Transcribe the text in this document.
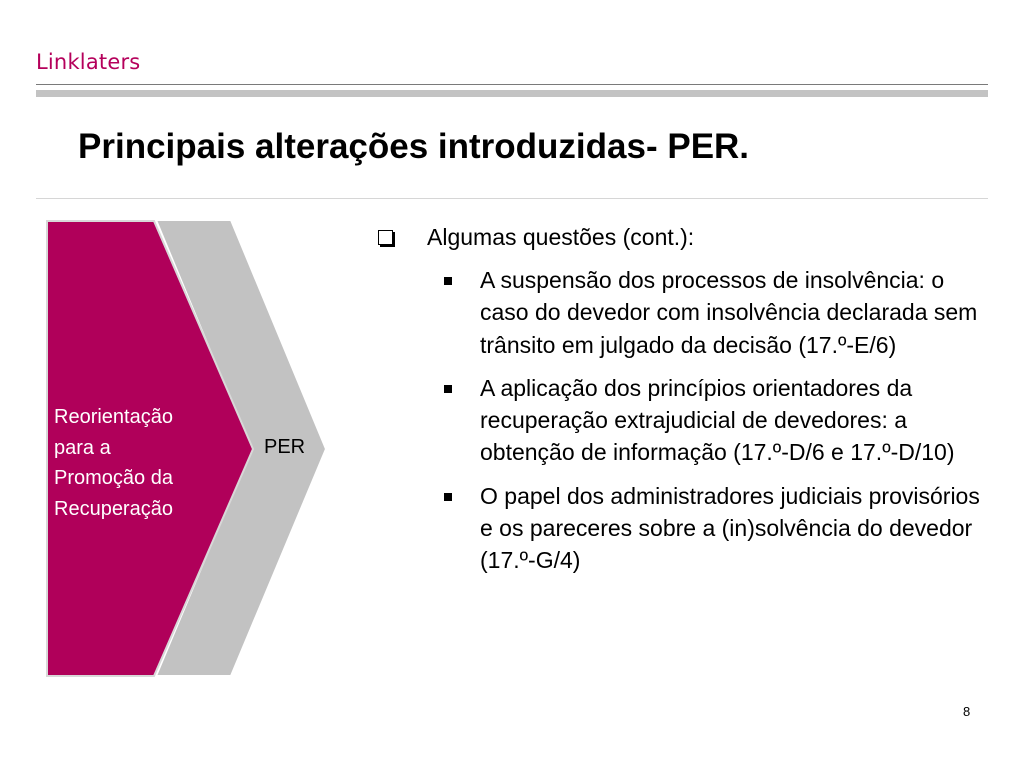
Linklaters
Principais alterações introduzidas- PER.
Reorientação
para a
Promoção da
Recuperação
PER
Algumas questões (cont.):
A suspensão dos processos de insolvência: o caso do devedor com insolvência declarada sem trânsito em julgado da decisão (17.º-E/6)
A aplicação dos princípios orientadores da recuperação extrajudicial de devedores: a obtenção de informação (17.º-D/6 e 17.º-D/10)
O papel dos administradores judiciais provisórios e os pareceres sobre a (in)solvência do devedor (17.º-G/4)
8
